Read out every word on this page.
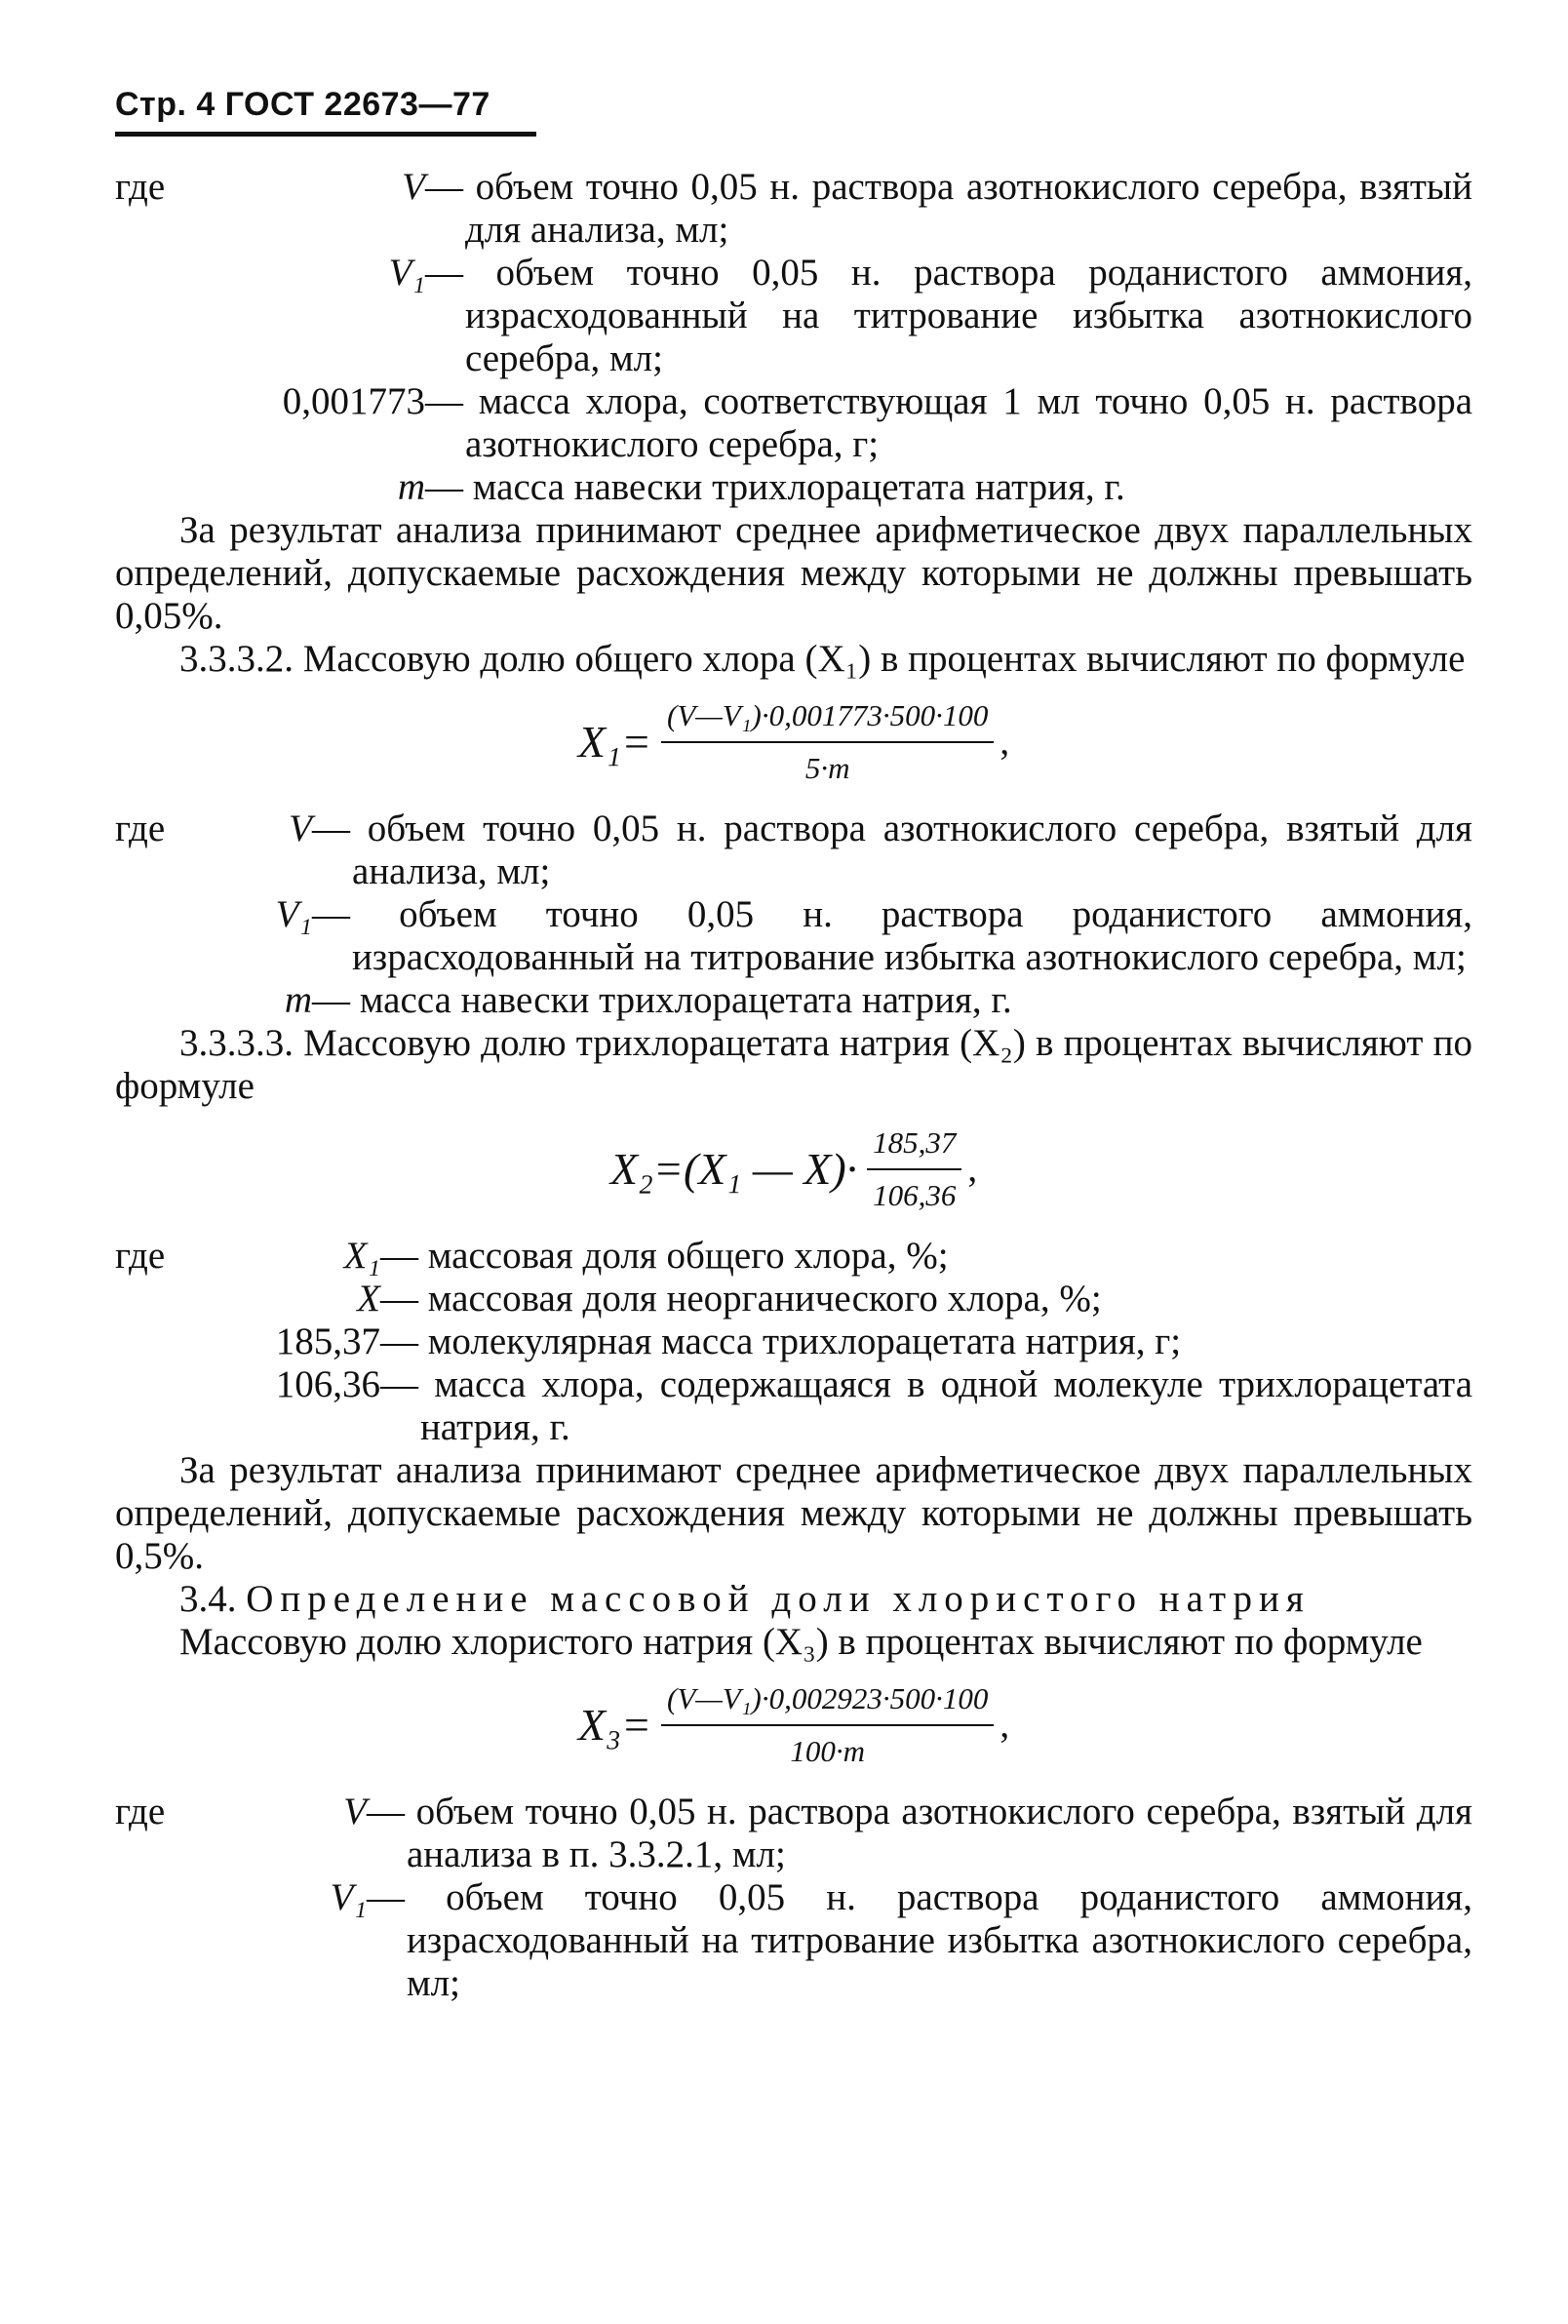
Стр. 4 ГОСТ 22673—77
где	V — объем точно 0,05 н. раствора азотнокислого серебра, взятый для анализа, мл;
V₁ — объем точно 0,05 н. раствора роданистого аммония, израсходованный на титрование избытка азотнокислого серебра, мл;
0,001773 — масса хлора, соответствующая 1 мл точно 0,05 н. раствора азотнокислого серебра, г;
m — масса навески трихлорацетата натрия, г.

За результат анализа принимают среднее арифметическое двух параллельных определений, допускаемые расхождения между которыми не должны превышать 0,05%.

3.3.3.2. Массовую долю общего хлора (X₁) в процентах вычисляют по формуле

$X_1= \frac{\text{(V—V₁)·0,001773·500·100}}{5\cdot m}$ ,
где	V — объем точно 0,05 н. раствора азотнокислого серебра, взятый для анализа, мл;
V₁ — объем точно 0,05 н. раствора роданистого аммония, израсходованный на титрование избытка азотнокислого серебра, мл;
m — масса навески трихлорацетата натрия, г.

3.3.3.3. Массовую долю трихлорацетата натрия (X₂) в процентах вычисляют по формуле

X₂=(X₁ — $X)\cdot \frac{185,37}{106,36}$ ,
где	X₁ — массовая доля общего хлора, %;
X — массовая доля неорганического хлора, %;
185,37 — молекулярная масса трихлорацетата натрия, г;
106,36 — масса хлора, содержащаяся в одной молекуле трихлорацетата натрия, г.

За результат анализа принимают среднее арифметическое двух параллельных определений, допускаемые расхождения между которыми не должны превышать 0,5%.

3.4. Определение массовой доли хлористого натрия

Массовую долю хлористого натрия (X₃) в процентах вычисляют по формуле

$X_3= \frac{\text{(V—V₁)·0,002923·500·100}}{100\cdot m}$ ,
где	V — объем точно 0,05 н. раствора азотнокислого серебра, взятый для анализа в п. 3.3.2.1, мл;
V₁ — объем точно 0,05 н. раствора роданистого аммония, израсходованный на титрование избытка азотнокислого серебра, мл;
